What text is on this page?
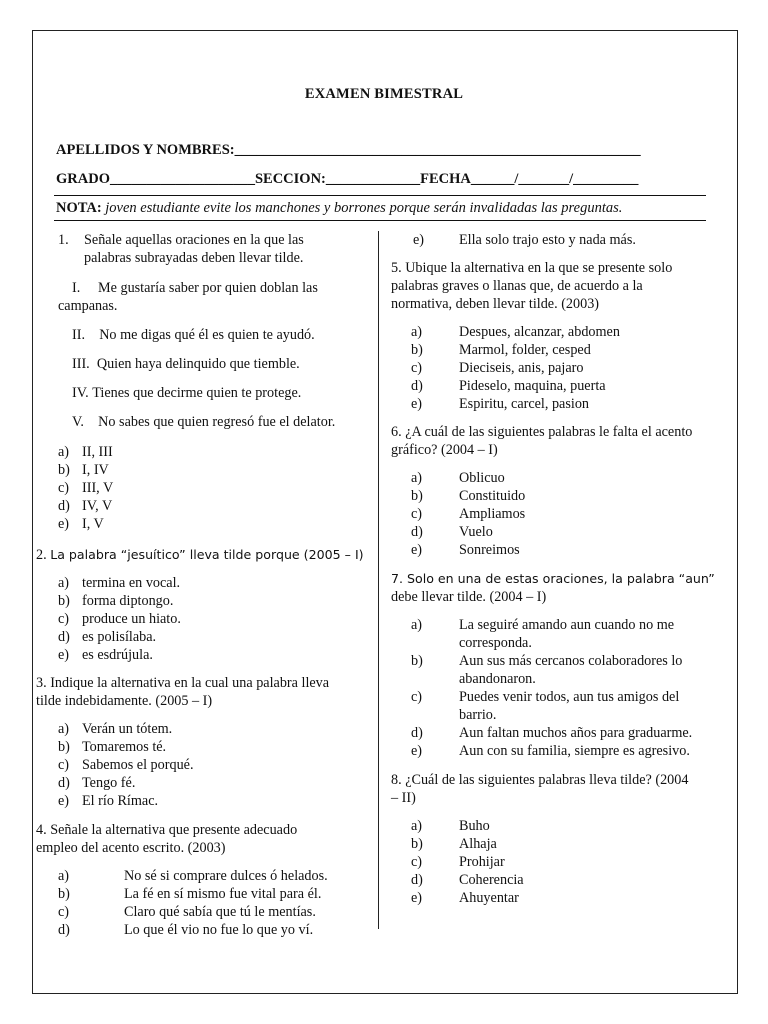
EXAMEN BIMESTRAL
APELLIDOS Y NOMBRES:________________________________________________________
GRADO____________________SECCION:_____________FECHA______/_______/_________
NOTA: joven estudiante evite los manchones y borrones porque serán invalidadas las preguntas.
1.	Señale aquellas oraciones en la que las
palabras subrayadas deben llevar tilde.
I. Me gustaría saber por quien doblan las
campanas.
II. No me digas qué él es quien te ayudó.
III. Quien haya delinquido que tiemble.
IV. Tienes que decirme quien te protege.
V. No sabes que quien regresó fue el delator.
a) II, III
b) I, IV
c) III, V
d) IV, V
e) I, V
2. La palabra “jesuítico” lleva tilde porque (2005 – I)
a) termina en vocal.
b) forma diptongo.
c) produce un hiato.
d) es polisílaba.
e) es esdrújula.
3. Indique la alternativa en la cual una palabra lleva
tilde indebidamente. (2005 – I)
a) Verán un tótem.
b) Tomaremos té.
c) Sabemos el porqué.
d) Tengo fé.
e) El río Rímac.
4. Señale la alternativa que presente adecuado
empleo del acento escrito. (2003)
a)	No sé si comprare dulces ó helados.
b)	La fé en sí mismo fue vital para él.
c)	Claro qué sabía que tú le mentías.
d)	Lo que él vio no fue lo que yo ví.
e)	Ella solo trajo esto y nada más.
5. Ubique la alternativa en la que se presente solo
palabras graves o llanas que, de acuerdo a la
normativa, deben llevar tilde. (2003)
a)	Despues, alcanzar, abdomen
b)	Marmol, folder, cesped
c)	Dieciseis, anis, pajaro
d)	Pideselo, maquina, puerta
e)	Espiritu, carcel, pasion
6. ¿A cuál de las siguientes palabras le falta el acento
gráfico? (2004 – I)
a)	Oblicuo
b)	Constituido
c)	Ampliamos
d)	Vuelo
e)	Sonreimos
7. Solo en una de estas oraciones, la palabra “aun”
debe llevar tilde. (2004 – I)
a)	La seguiré amando aun cuando no me
corresponda.
b)	Aun sus más cercanos colaboradores lo
abandonaron.
c)	Puedes venir todos, aun tus amigos del
barrio.
d)	Aun faltan muchos años para graduarme.
e)	Aun con su familia, siempre es agresivo.
8. ¿Cuál de las siguientes palabras lleva tilde? (2004
– II)
a)	Buho
b)	Alhaja
c)	Prohijar
d)	Coherencia
e)	Ahuyentar
